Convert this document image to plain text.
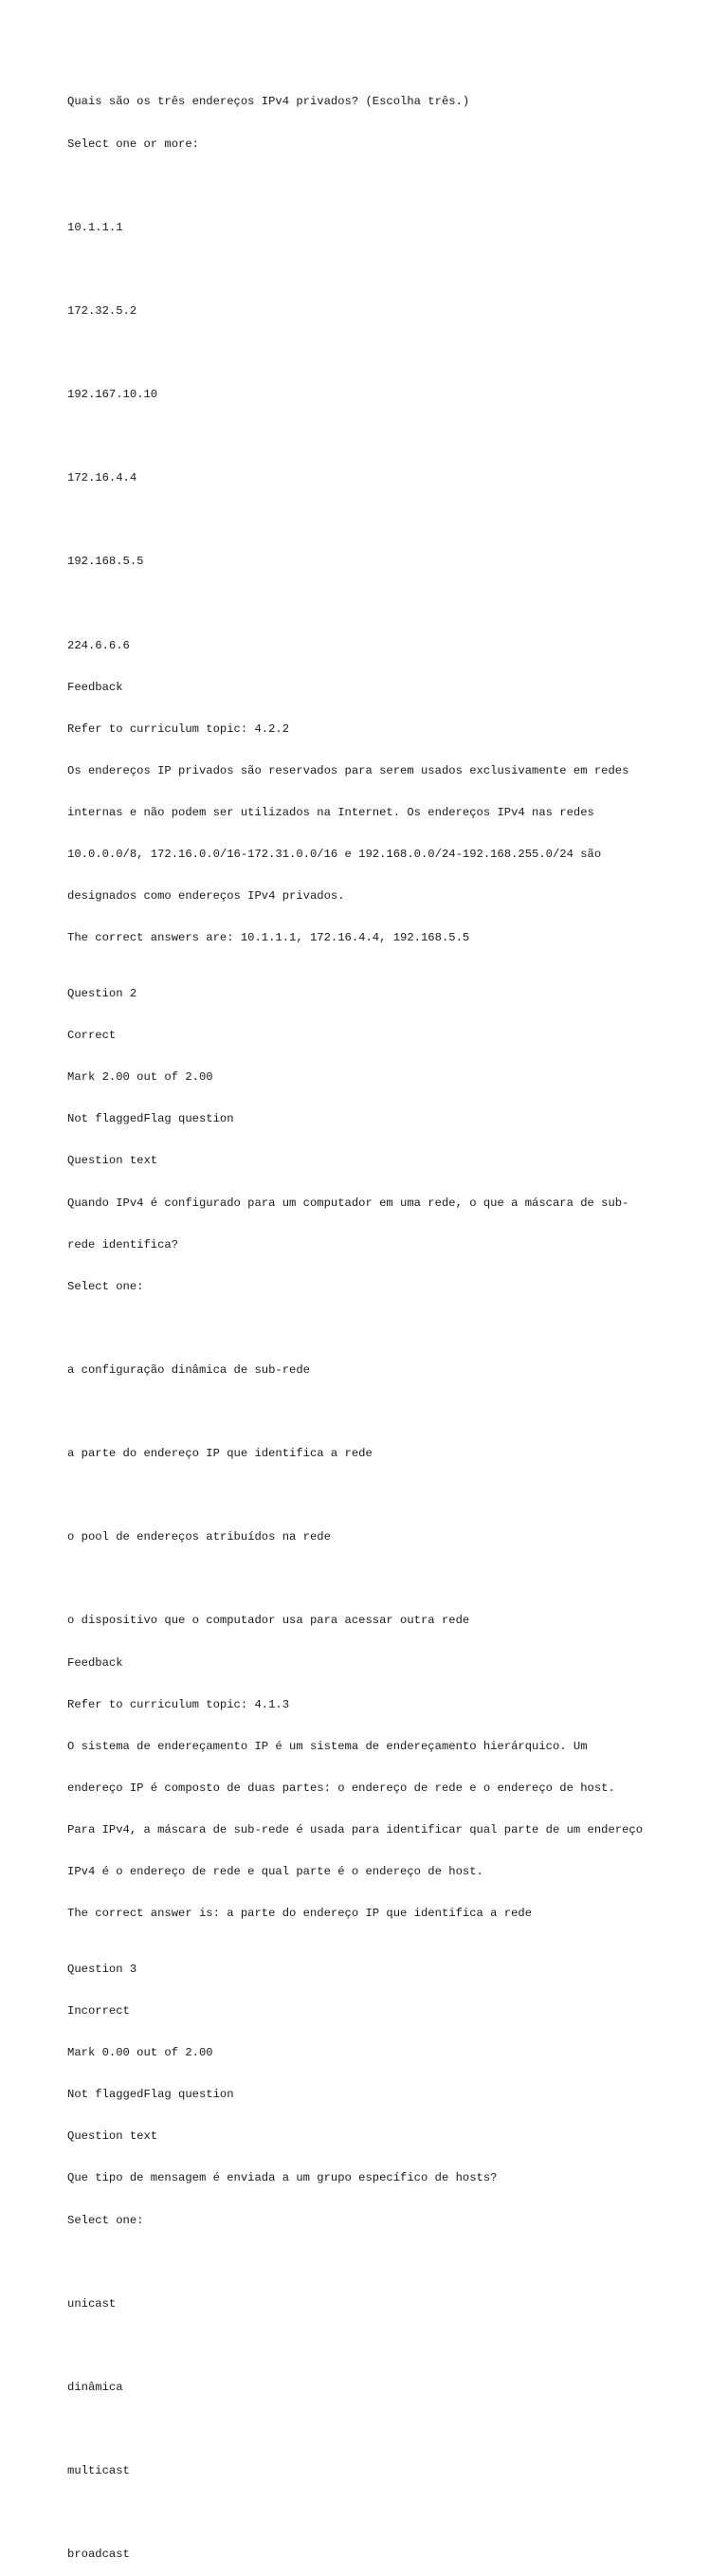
Quais são os três endereços IPv4 privados? (Escolha três.)

Select one or more:

10.1.1.1

172.32.5.2

192.167.10.10

172.16.4.4

192.168.5.5

224.6.6.6

Feedback

Refer to curriculum topic: 4.2.2

Os endereços IP privados são reservados para serem usados exclusivamente em redes

internas e não podem ser utilizados na Internet. Os endereços IPv4 nas redes

10.0.0.0/8, 172.16.0.0/16-172.31.0.0/16 e 192.168.0.0/24-192.168.255.0/24 são

designados como endereços IPv4 privados.

The correct answers are: 10.1.1.1, 172.16.4.4, 192.168.5.5

Question 2

Correct

Mark 2.00 out of 2.00

Not flaggedFlag question

Question text

Quando IPv4 é configurado para um computador em uma rede, o que a máscara de sub-

rede identifica?

Select one:

a configuração dinâmica de sub-rede

a parte do endereço IP que identifica a rede

o pool de endereços atribuídos na rede

o dispositivo que o computador usa para acessar outra rede

Feedback

Refer to curriculum topic: 4.1.3

O sistema de endereçamento IP é um sistema de endereçamento hierárquico. Um

endereço IP é composto de duas partes: o endereço de rede e o endereço de host.

Para IPv4, a máscara de sub-rede é usada para identificar qual parte de um endereço

IPv4 é o endereço de rede e qual parte é o endereço de host.

The correct answer is: a parte do endereço IP que identifica a rede

Question 3

Incorrect

Mark 0.00 out of 2.00

Not flaggedFlag question

Question text

Que tipo de mensagem é enviada a um grupo específico de hosts?

Select one:

unicast

dinâmica

multicast

broadcast
